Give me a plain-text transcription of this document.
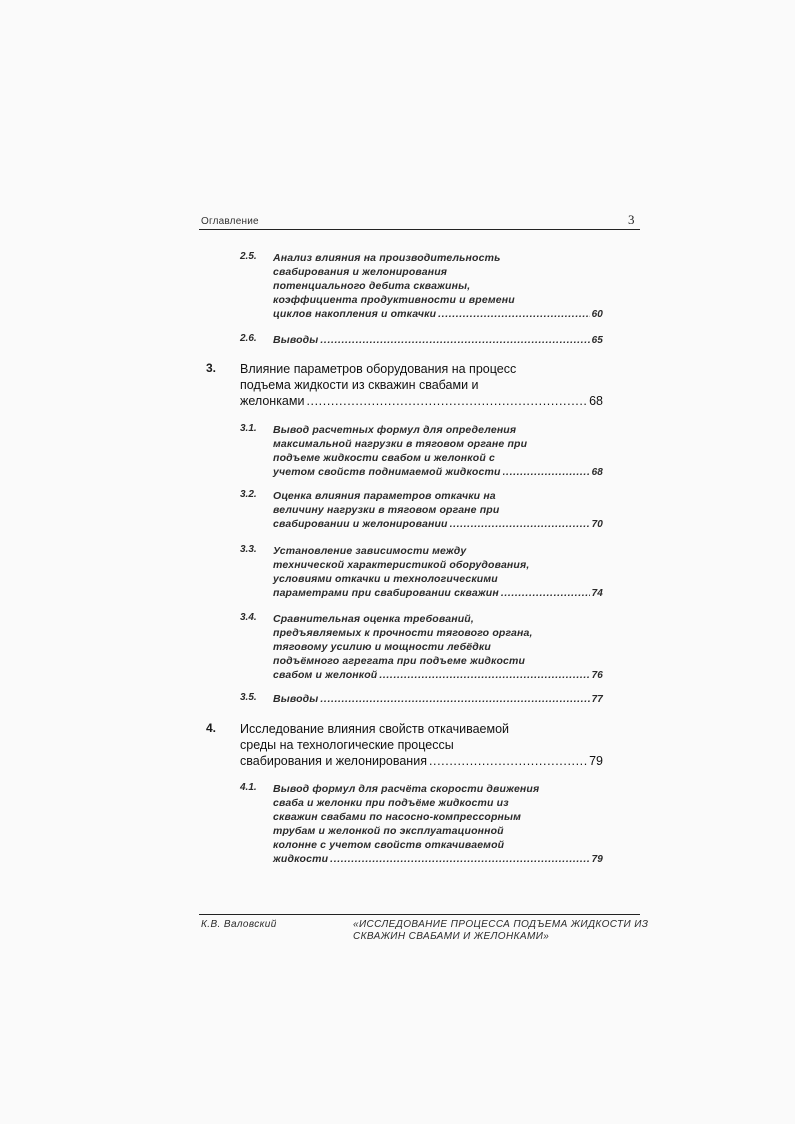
Оглавление	3
2.5. Анализ влияния на производительность
свабирования и желонирования
потенциального дебита скважины,
коэффициента продуктивности и времени
циклов накопления и откачки .....	60
2.6. Выводы .....	65
3. Влияние параметров оборудования на процесс
подъема жидкости из скважин свабами и
желонками .....	68
3.1. Вывод расчетных формул для определения
максимальной нагрузки в тяговом органе при
подъеме жидкости свабом и желонкой с
учетом свойств поднимаемой жидкости .....	68
3.2. Оценка влияния параметров откачки на
величину нагрузки в тяговом органе при
свабировании и желонировании .....	70
3.3. Установление зависимости между
технической характеристикой оборудования,
условиями откачки и технологическими
параметрами при свабировании скважин .....	74
3.4. Сравнительная оценка требований,
предъявляемых к прочности тягового органа,
тяговому усилию и мощности лебёдки
подъёмного агрегата при подъеме жидкости
свабом и желонкой .....	76
3.5. Выводы .....	77
4. Исследование влияния свойств откачиваемой
среды на технологические процессы
свабирования и желонирования .....	79
4.1. Вывод формул для расчёта скорости движения
сваба и желонки при подъёме жидкости из
скважин свабами по насосно-компрессорным
трубам и желонкой по эксплуатационной
колонне с учетом свойств откачиваемой
жидкости .....	79
К.В. Валовский	«ИССЛЕДОВАНИЕ ПРОЦЕССА ПОДЪЕМА ЖИДКОСТИ ИЗ
СКВАЖИН СВАБАМИ И ЖЕЛОНКАМИ»
